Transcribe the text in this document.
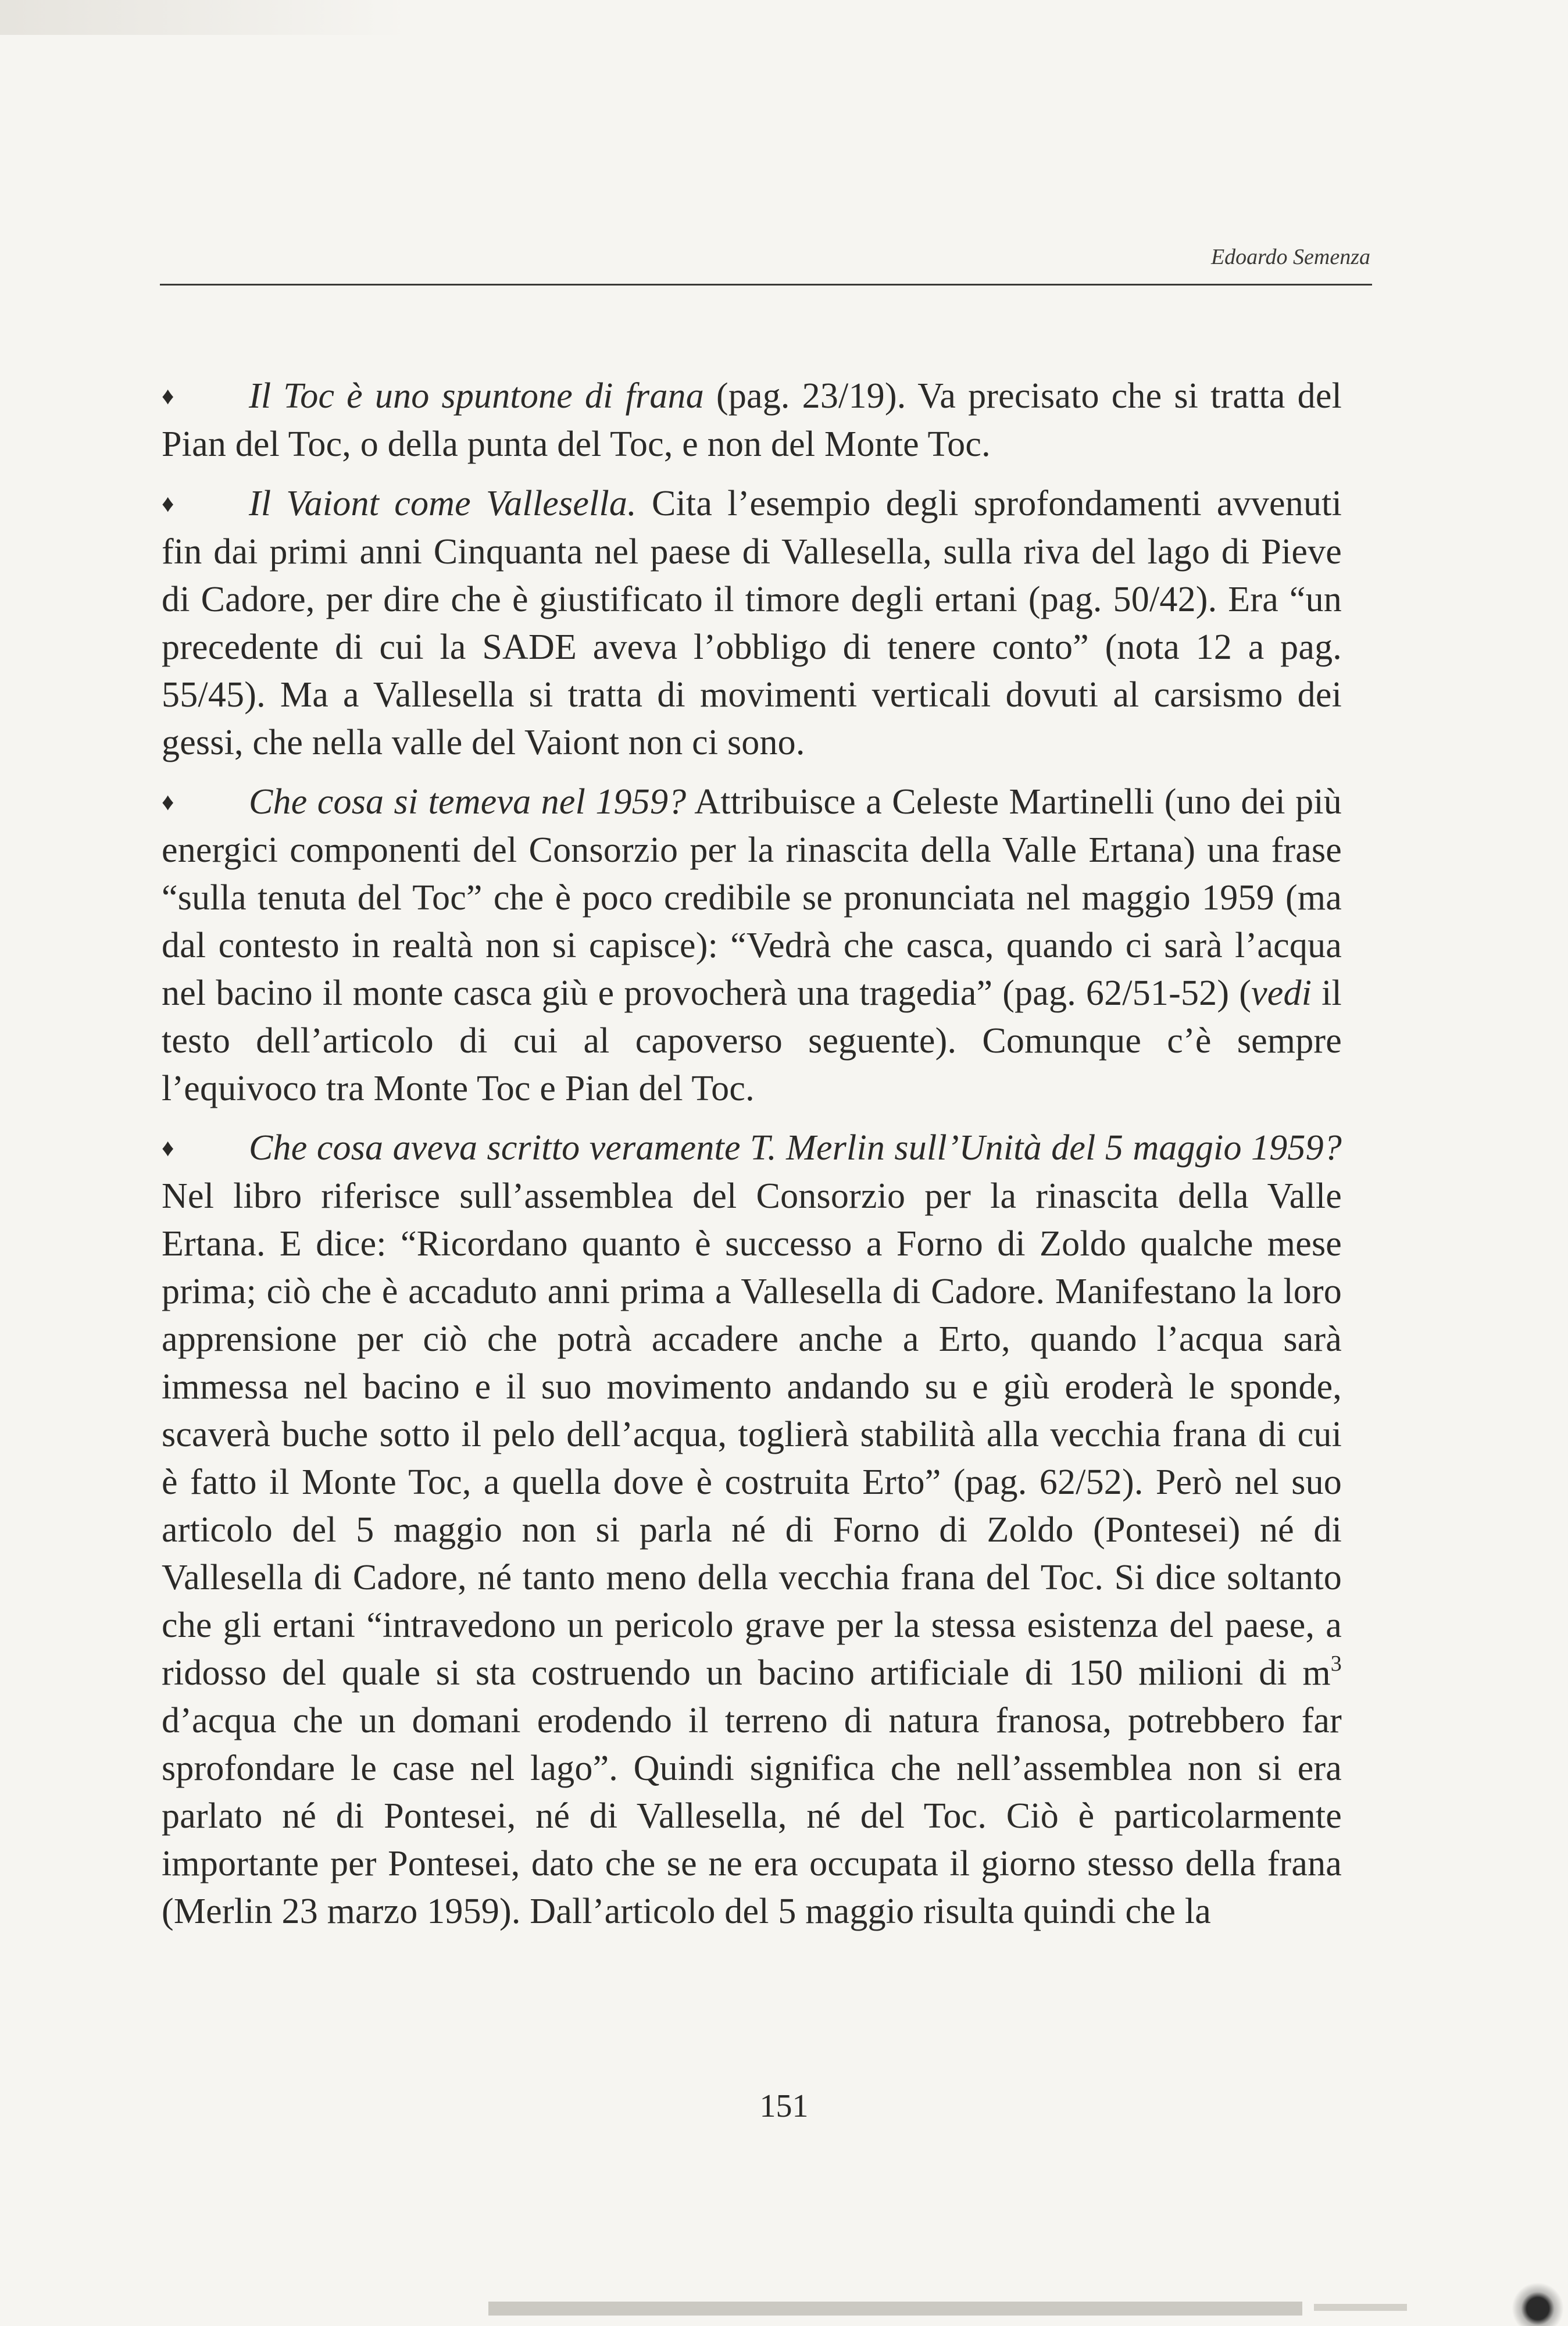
Edoardo Semenza

♦ Il Toc è uno spuntone di frana (pag. 23/19). Va precisato che si tratta del Pian del Toc, o della punta del Toc, e non del Monte Toc.

♦ Il Vaiont come Vallesella. Cita l’esempio degli sprofondamenti avvenuti fin dai primi anni Cinquanta nel paese di Vallesella, sulla riva del lago di Pieve di Cadore, per dire che è giustificato il timore degli ertani (pag. 50/42). Era “un precedente di cui la SADE aveva l’obbligo di tenere conto” (nota 12 a pag. 55/45). Ma a Vallesella si tratta di movimenti verticali dovuti al carsismo dei gessi, che nella valle del Vaiont non ci sono.

♦ Che cosa si temeva nel 1959? Attribuisce a Celeste Martinelli (uno dei più energici componenti del Consorzio per la rinascita della Valle Ertana) una frase “sulla tenuta del Toc” che è poco credibile se pronunciata nel maggio 1959 (ma dal contesto in realtà non si capisce): “Vedrà che casca, quando ci sarà l’acqua nel bacino il monte casca giù e provocherà una tragedia” (pag. 62/51-52) (vedi il testo dell’articolo di cui al capoverso seguente). Comunque c’è sempre l’equivoco tra Monte Toc e Pian del Toc.

♦ Che cosa aveva scritto veramente T. Merlin sull’Unità del 5 maggio 1959? Nel libro riferisce sull’assemblea del Consorzio per la rinascita della Valle Ertana. E dice: “Ricordano quanto è successo a Forno di Zoldo qualche mese prima; ciò che è accaduto anni prima a Vallesella di Cadore. Manifestano la loro apprensione per ciò che potrà accadere anche a Erto, quando l’acqua sarà immessa nel bacino e il suo movimento andando su e giù eroderà le sponde, scaverà buche sotto il pelo dell’acqua, toglierà stabilità alla vecchia frana di cui è fatto il Monte Toc, a quella dove è costruita Erto” (pag. 62/52). Però nel suo articolo del 5 maggio non si parla né di Forno di Zoldo (Pontesei) né di Vallesella di Cadore, né tanto meno della vecchia frana del Toc. Si dice soltanto che gli ertani “intravedono un pericolo grave per la stessa esistenza del paese, a ridosso del quale si sta costruendo un bacino artificiale di 150 milioni di $m^3$ d’acqua che un domani erodendo il terreno di natura franosa, potrebbero far sprofondare le case nel lago”. Quindi significa che nell’assemblea non si era parlato né di Pontesei, né di Vallesella, né del Toc. Ciò è particolarmente importante per Pontesei, dato che se ne era occupata il giorno stesso della frana (Merlin 23 marzo 1959). Dall’articolo del 5 maggio risulta quindi che la

151
